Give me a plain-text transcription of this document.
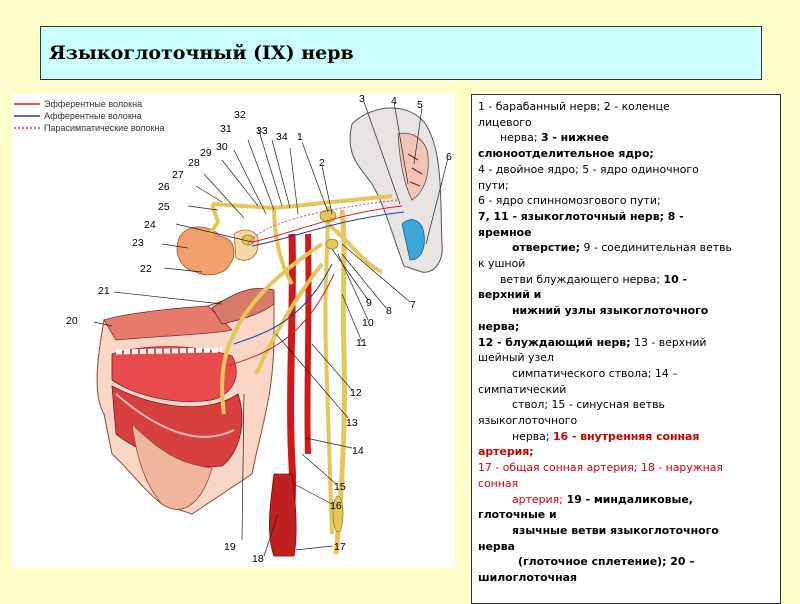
Языкоглоточный (IX) нерв
Эфферентные волокна
Афферентные волокна
Парасимпатические волокна
1
2
3 4 5
6
7
8
9
10
11
12
13
14
15
16
17
18
19
20
21
22
23
24
25
26
27
28
29 30
31
32
33 34
1 - барабанный нерв; 2 - коленце
лицевого
нерва; 3 - нижнее
слюноотделительное ядро;
4 - двойное ядро; 5 - ядро одиночного
пути;
6 - ядро спинномозгового пути;
7, 11 - языкоглоточный нерв; 8 -
яремное
отверстие; 9 - соединительная ветвь
к ушной
ветви блуждающего нерва; 10 -
верхний и
нижний узлы языкоглоточного
нерва;
12 - блуждающий нерв; 13 - верхний
шейный узел
симпатического ствола; 14 –
симпатический
ствол; 15 - синусная ветвь
языкоглоточного
нерва; 16 - внутренняя сонная
артерия;
17 - общая сонная артерия; 18 - наружная
сонная
артерия; 19 - миндаликовые,
глоточные и
язычные ветви языкоглоточного
нерва
(глоточное сплетение); 20 –
шилоглоточная
